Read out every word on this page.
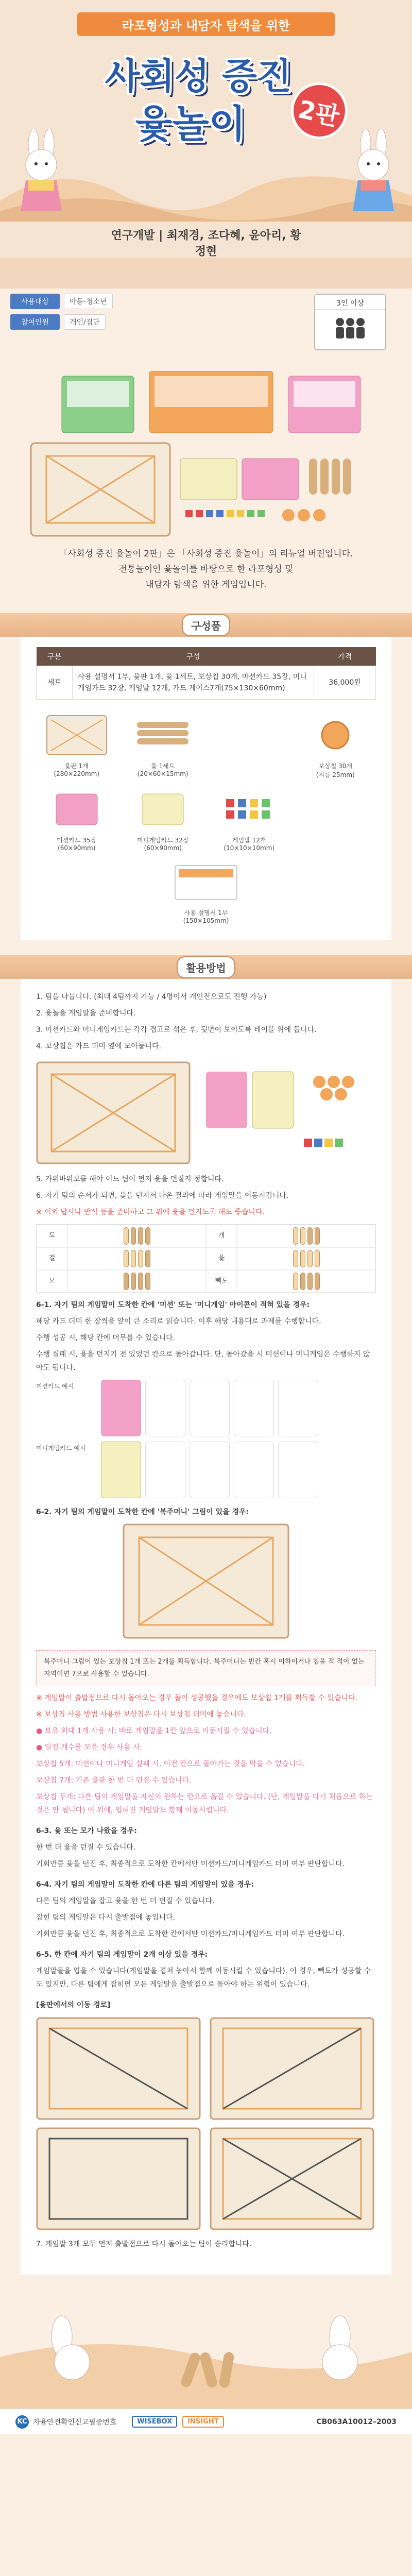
라포형성과 내담자 탐색을 위한
사회성 증진
윷놀이	2판
연구개발 | 최재경, 조다혜, 윤아리, 황정현
사용대상	아동-청소년
참여인원	개인/집단
3인 이상

「사회성 증진 윷놀이 2판」은 「사회성 증진 윷놀이」의 리뉴얼 버전입니다.

전통놀이인 윷놀이를 바탕으로 한 라포형성 및

내담자 탐색을 위한 게임입니다.

구성품
구분	구성	가격
세트	사용 설명서 1부, 윷판 1개, 윷 1세트, 보상칩 30개, 마션카드 35장, 미니게임카드 32장, 게임말 12개, 카드 케이스7개(75×130×60mm)	36,000원
윷판 1개
(280×220mm)
윷 1세트
(20×60×15mm)
보상칩 30개
(지름 25mm)
미션카드 35장
(60×90mm)
미니게임카드 32장
(60×90mm)
게임말 12개
(10×10×10mm)
사용 설명서 1부
(150×105mm)
활용방법
1. 팀을 나눕니다. (최대 4팀까지 가능 / 4명이서 개인전으로도 진행 가능)
2. 윷놀을 게임말을 준비합니다.
3. 미션카드와 미니게임카드는 각각 겹고로 섞은 후, 뒷면이 보이도록 테이블 위에 둡니다.
4. 보상칩은 카드 더미 옆에 모아둡니다.
5. 가위바위보를 해야 어느 팀이 먼저 윷을 던질지 정합니다.
6. 자기 팀의 순서가 되면, 윷을 던져서 나온 결과에 따라 게임말을 이동시킵니다.
※ 이외 답사나 받석 등을 준비하고 그 위에 윷을 던지도록 해도 좋습니다.
도	개
걸	윷
모	빽도
6-1. 자기 팀의 게임말이 도착한 칸에 '미션' 또는 '미니게임' 아이콘이 적혀 있을 경우:
해당 카드 더미 한 장씩을 앞이 큰 소리로 읽습니다. 이후 해당 내용대로 과제를 수행합니다.
수행 성공 시, 해당 칸에 머무를 수 있습니다.
수행 실패 시, 윷을 던지기 전 있었던 칸으로 돌아갑니다. 단, 돌아갔을 시 미션이나 미니게임은 수행하지 않아도 됩니다.
미션카드 예시
미니게임카드 예시
6-2. 자기 팀의 게임말이 도착한 칸에 '복주머니' 그림이 있을 경우:
복주머니 그림이 있는 보상칩 1개 또는 2개를 획득합니다. 복주머니는 빈칸 혹시 이하이거나 칩을 적 적이 없는 지역이면 7으로 사용할 수 있습니다.
※ 게임말이 출발점으로 다시 돌아오는 경우 돌이 성공했을 경우에도 보상칩 1개를 획득할 수 있습니다.
※ 보상칩 사용 방법 사용한 보상칩은 다시 보상칩 더미에 놓습니다.
● 보유 최대 1개 사용 시: 바로 게임말을 1칸 앞으로 이동시킬 수 있습니다.
● 일정 개수를 모을 경우 사용 시:
보상칩 5개: 미션이나 미니게임 실패 시, 이전 칸으로 돌아가는 것을 막을 수 있습니다.
보상칩 7개: 기존 윷판 한 번 더 던질 수 있습니다.
보상칩 두개: 다른 팀의 게임말을 자신의 원하는 칸으로 옮길 수 있습니다. (단, 게임말을 다시 처음으로 하는 것은 안 됩니다) 이 외에, 업혀진 게임말도 함께 이동시킵니다.
6-3. 윷 또는 모가 나왔을 경우:
한 번 더 윷을 던질 수 있습니다.
기회만큼 윷을 던진 후, 최종적으로 도착한 칸에서만 미션카드/미니게임카드 더미 여부 판단합니다.
6-4. 자기 팀의 게임말이 도착한 칸에 다른 팀의 게임말이 있을 경우:
다른 팀의 게임말을 잡고 윷을 한 번 더 던질 수 있습니다.
잡힌 팀의 게임말은 다시 출발점에 놓입니다.
기회만큼 윷을 던진 후, 최종적으로 도착한 칸에서만 미션카드/미니게임카드 더미 여부 판단합니다.
6-5. 한 칸에 자기 팀의 게임말이 2개 이상 있을 경우:
게임말들을 업을 수 있습니다(게임말을 겹쳐 놓아서 함께 이동시킬 수 있습니다). 이 경우, 빽도가 성공할 수도 있지만, 다른 팀에게 잡히면 모든 게임말을 출발점으로 돌아야 하는 위험이 있습니다.
[윷판에서의 이동 경로]
7. 게임말 3개 모두 먼저 출발점으로 다시 돌아오는 팀이 승리합니다.
KC 자율안전확인신고필증번호	WISEBOX	INSIGHT	CB063A10012–2003
